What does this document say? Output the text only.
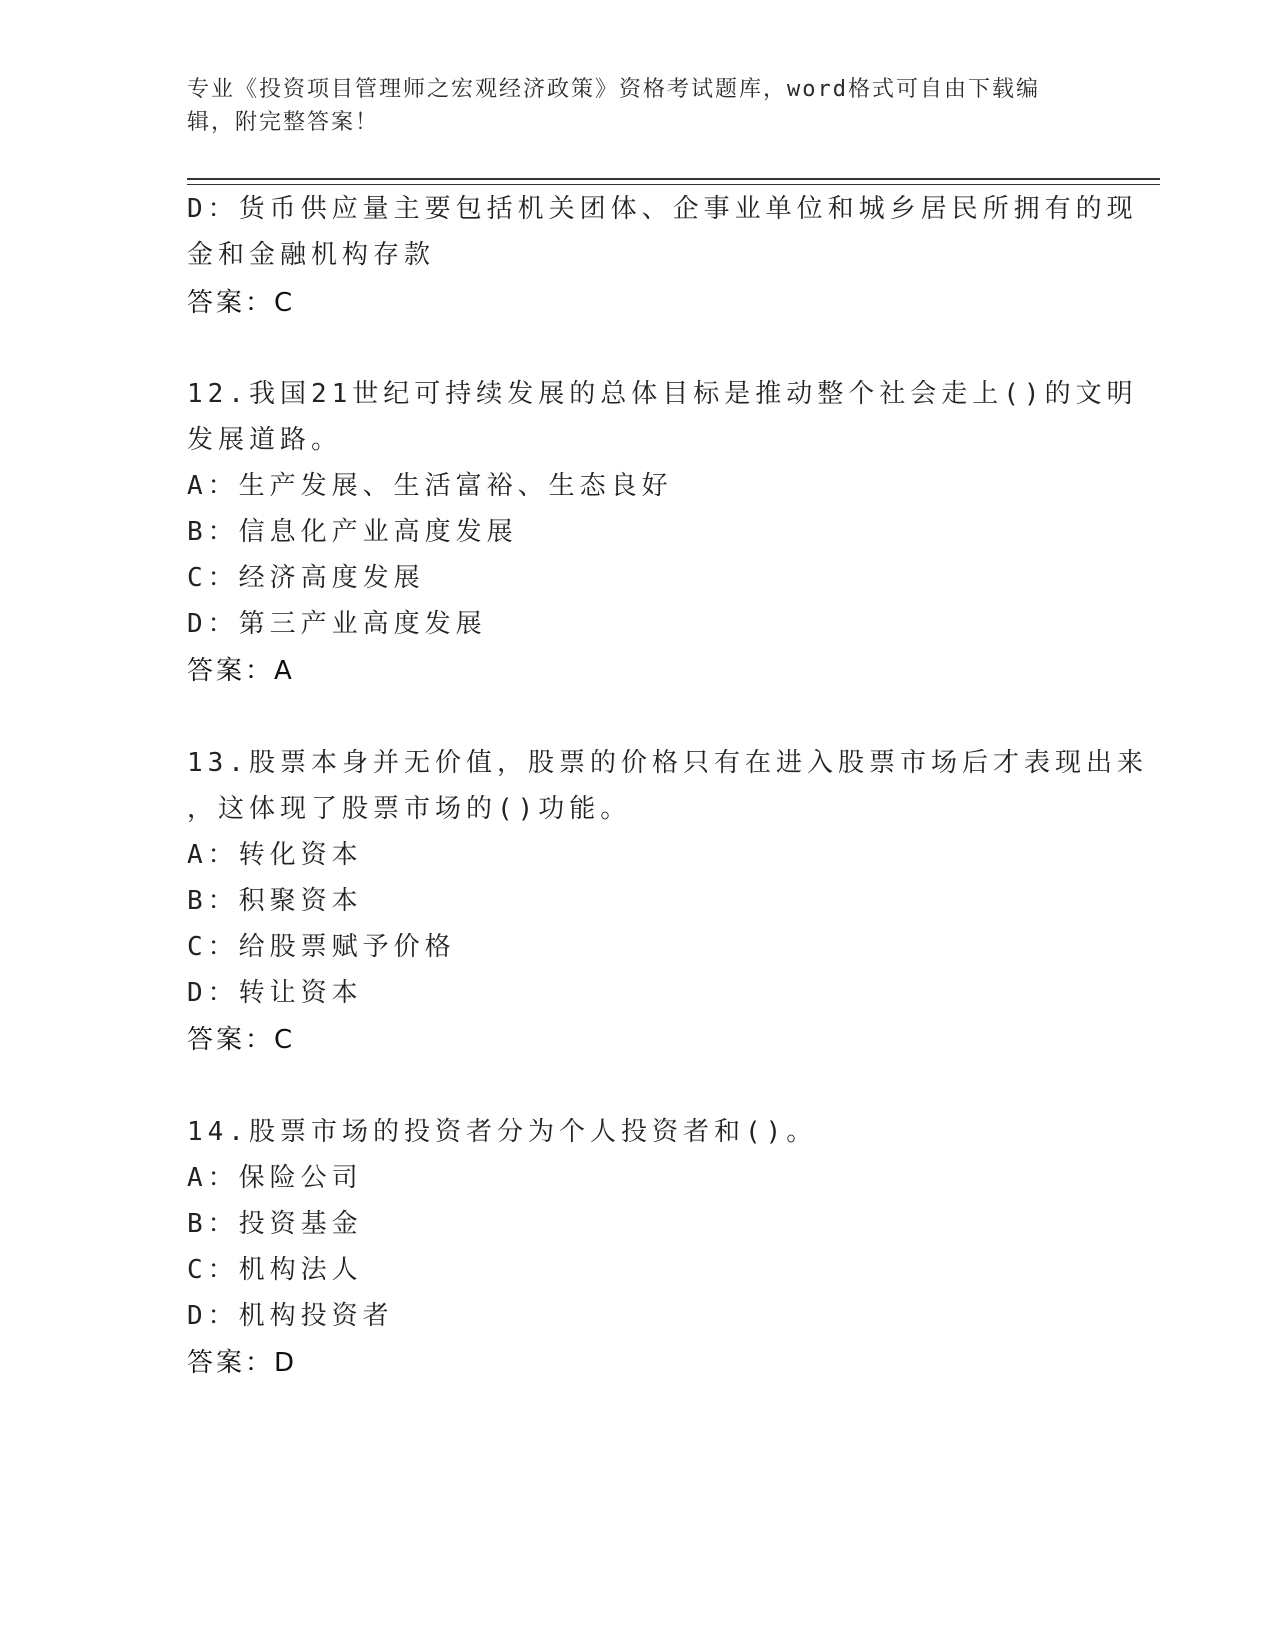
专业《投资项目管理师之宏观经济政策》资格考试题库，word格式可自由下载编
辑，附完整答案！
D：货币供应量主要包括机关团体、企事业单位和城乡居民所拥有的现
金和金融机构存款
答案：C
12.我国21世纪可持续发展的总体目标是推动整个社会走上()的文明
发展道路。
A：生产发展、生活富裕、生态良好
B：信息化产业高度发展
C：经济高度发展
D：第三产业高度发展
答案：A
13.股票本身并无价值，股票的价格只有在进入股票市场后才表现出来
，这体现了股票市场的()功能。
A：转化资本
B：积聚资本
C：给股票赋予价格
D：转让资本
答案：C
14.股票市场的投资者分为个人投资者和()。
A：保险公司
B：投资基金
C：机构法人
D：机构投资者
答案：D
